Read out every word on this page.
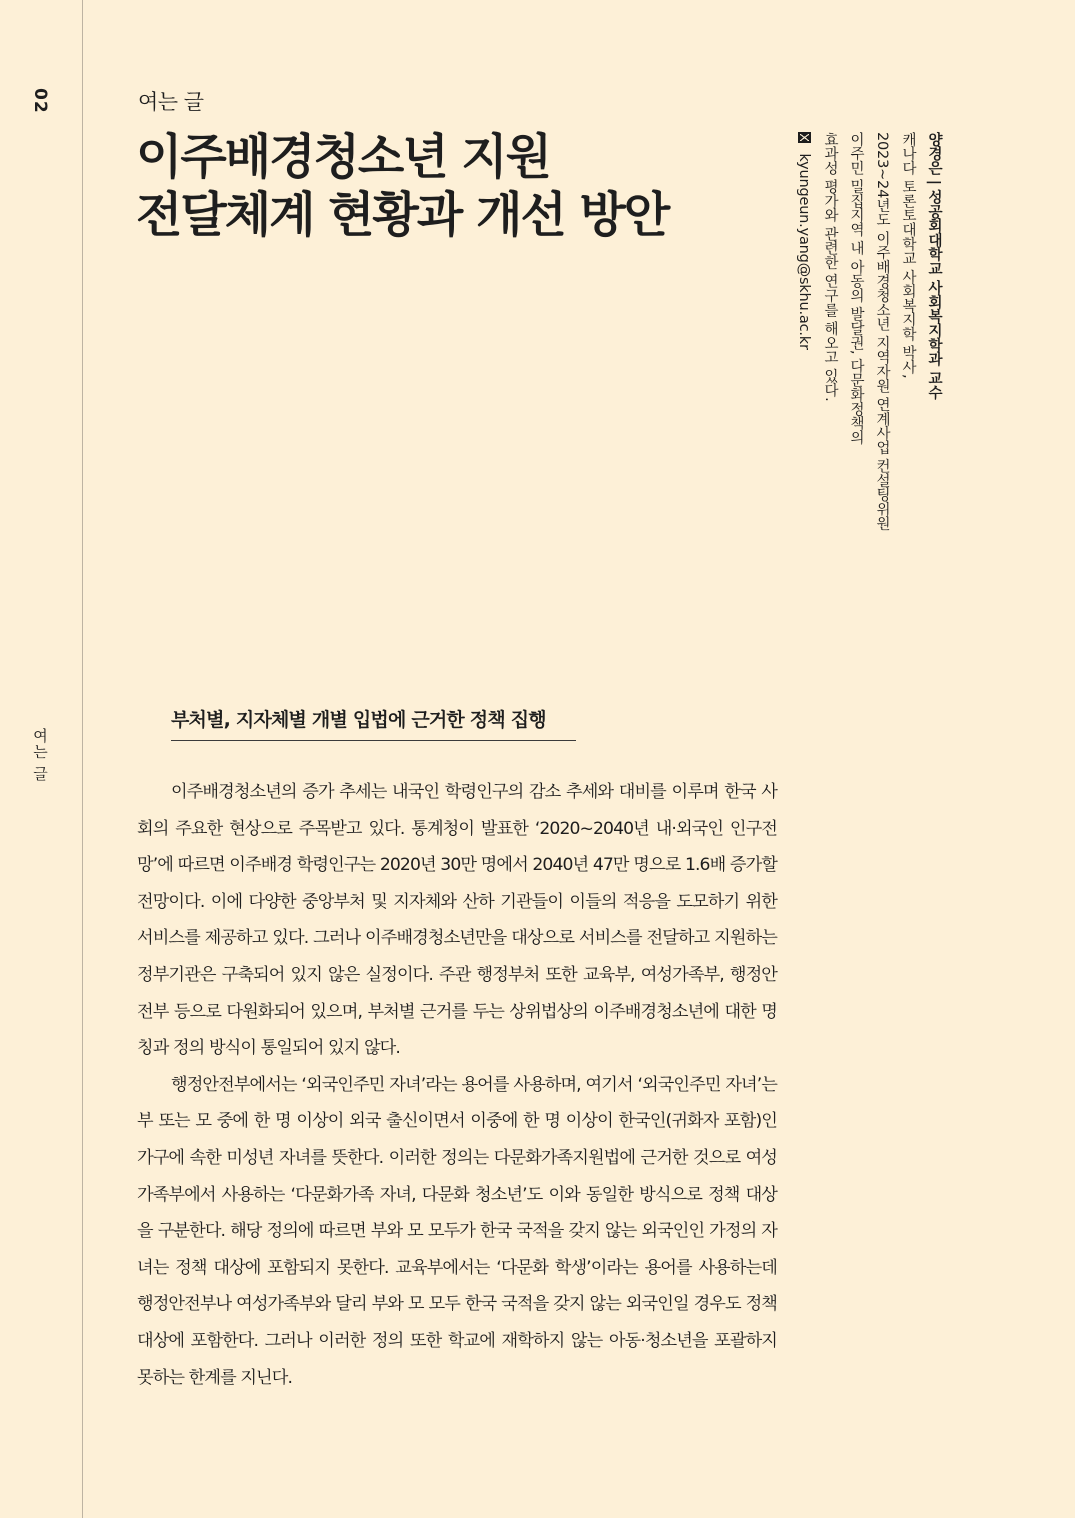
02
여는 글
여는 글
이주배경청소년 지원
전달체계 현황과 개선 방안	양경은 | 성공회대학교 사회복지학과 교수
캐나다 토론토대학교 사회복지학 박사,
2023~24년도 이주배경청소년 지역자원 연계사업 컨설팅위원
이주민 밀집지역 내 아동의 발달권, 다문화정책의
효과성 평가와 관련한 연구를 해오고 있다.
kyungeun.yang@skhu.ac.kr
부처별, 지자체별 개별 입법에 근거한 정책 집행

이주배경청소년의 증가 추세는 내국인 학령인구의 감소 추세와 대비를 이루며 한국 사회의 주요한 현상으로 주목받고 있다. 통계청이 발표한 ‘2020~2040년 내·외국인 인구전망’에 따르면 이주배경 학령인구는 2020년 30만 명에서 2040년 47만 명으로 1.6배 증가할 전망이다. 이에 다양한 중앙부처 및 지자체와 산하 기관들이 이들의 적응을 도모하기 위한 서비스를 제공하고 있다. 그러나 이주배경청소년만을 대상으로 서비스를 전달하고 지원하는 정부기관은 구축되어 있지 않은 실정이다. 주관 행정부처 또한 교육부, 여성가족부, 행정안전부 등으로 다원화되어 있으며, 부처별 근거를 두는 상위법상의 이주배경청소년에 대한 명칭과 정의 방식이 통일되어 있지 않다.

행정안전부에서는 ‘외국인주민 자녀’라는 용어를 사용하며, 여기서 ‘외국인주민 자녀’는 부 또는 모 중에 한 명 이상이 외국 출신이면서 이중에 한 명 이상이 한국인(귀화자 포함)인 가구에 속한 미성년 자녀를 뜻한다. 이러한 정의는 다문화가족지원법에 근거한 것으로 여성가족부에서 사용하는 ‘다문화가족 자녀, 다문화 청소년’도 이와 동일한 방식으로 정책 대상을 구분한다. 해당 정의에 따르면 부와 모 모두가 한국 국적을 갖지 않는 외국인인 가정의 자녀는 정책 대상에 포함되지 못한다. 교육부에서는 ‘다문화 학생’이라는 용어를 사용하는데 행정안전부나 여성가족부와 달리 부와 모 모두 한국 국적을 갖지 않는 외국인일 경우도 정책 대상에 포함한다. 그러나 이러한 정의 또한 학교에 재학하지 않는 아동·청소년을 포괄하지 못하는 한계를 지닌다.
